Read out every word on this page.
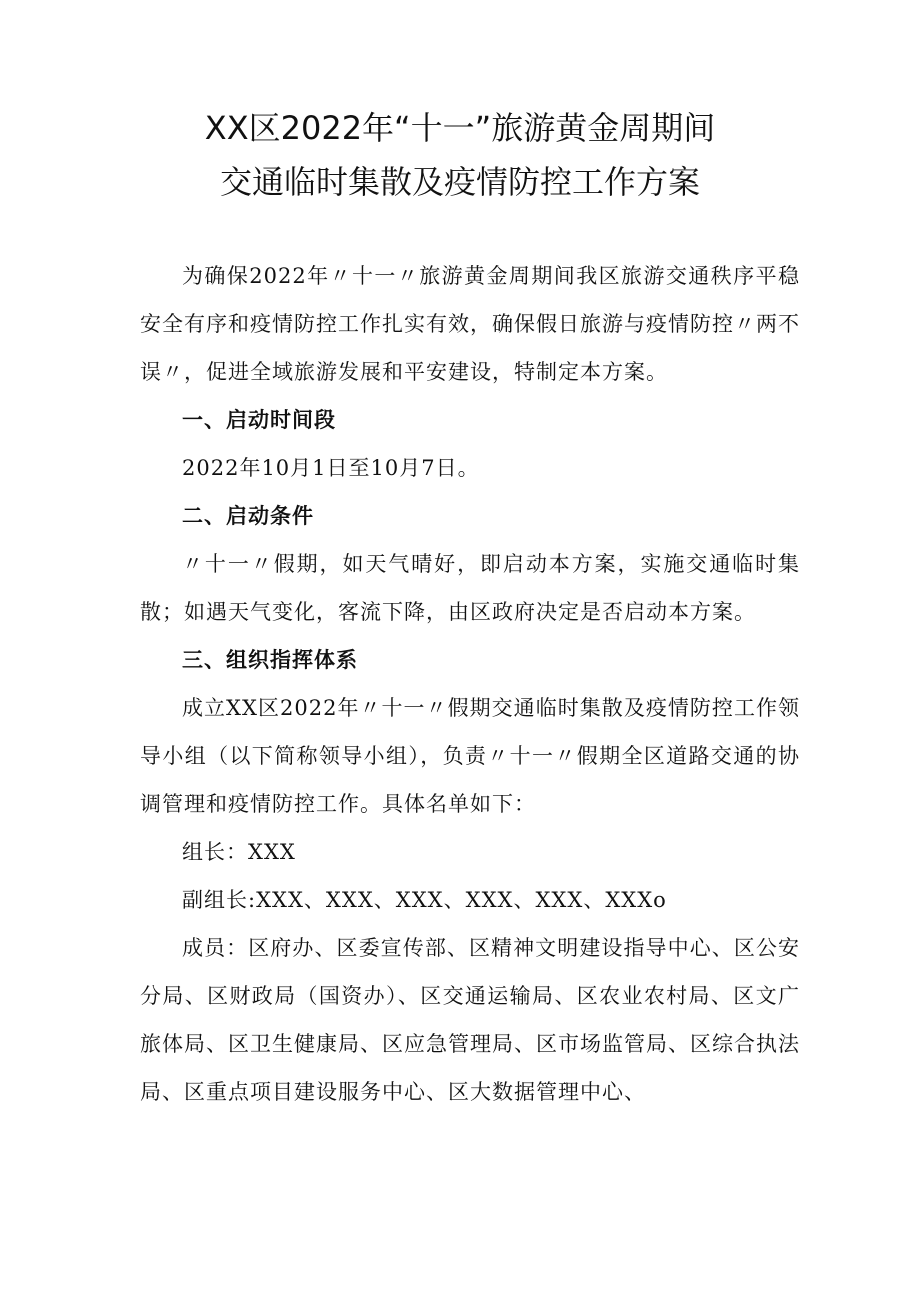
XX区2022年“十一”旅游黄金周期间
交通临时集散及疫情防控工作方案

为确保2022年〃十一〃旅游黄金周期间我区旅游交通秩序平稳安全有序和疫情防控工作扎实有效，确保假日旅游与疫情防控〃两不误〃，促进全域旅游发展和平安建设，特制定本方案。

一、启动时间段

2022年10月1日至10月7日。

二、启动条件

〃十一〃假期，如天气晴好，即启动本方案，实施交通临时集散；如遇天气变化，客流下降，由区政府决定是否启动本方案。

三、组织指挥体系

成立XX区2022年〃十一〃假期交通临时集散及疫情防控工作领导小组（以下简称领导小组），负责〃十一〃假期全区道路交通的协调管理和疫情防控工作。具体名单如下：

组长：XXX

副组长:XXX、XXX、XXX、XXX、XXX、XXXo

成员：区府办、区委宣传部、区精神文明建设指导中心、区公安分局、区财政局（国资办）、区交通运输局、区农业农村局、区文广旅体局、区卫生健康局、区应急管理局、区市场监管局、区综合执法局、区重点项目建设服务中心、区大数据管理中心、
